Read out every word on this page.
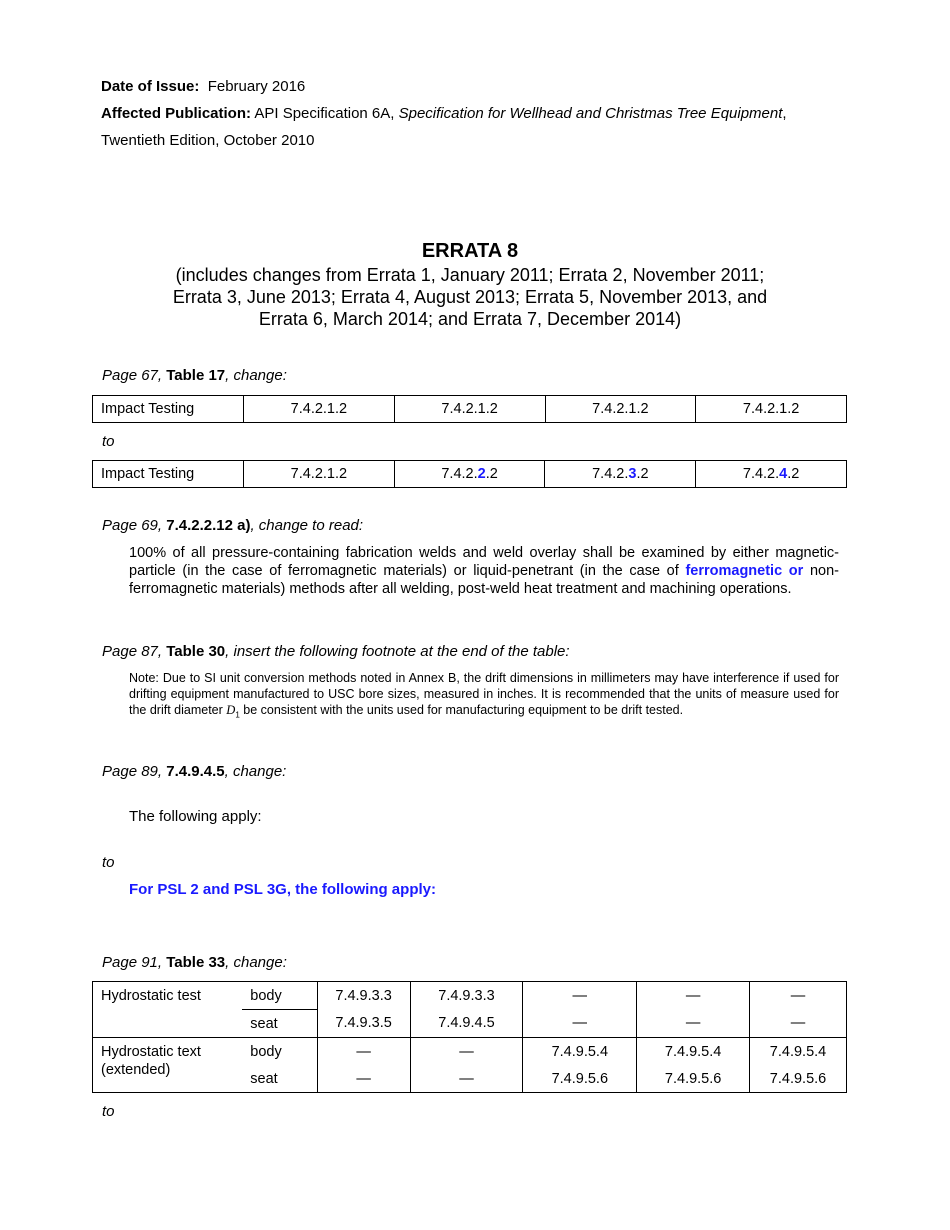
Date of Issue: February 2016
Affected Publication: API Specification 6A, Specification for Wellhead and Christmas Tree Equipment,
Twentieth Edition, October 2010
ERRATA 8
(includes changes from Errata 1, January 2011; Errata 2, November 2011;
Errata 3, June 2013; Errata 4, August 2013; Errata 5, November 2013, and
Errata 6, March 2014; and Errata 7, December 2014)
Page 67, Table 17, change:
Impact Testing	7.4.2.1.2	7.4.2.1.2	7.4.2.1.2	7.4.2.1.2
to
Impact Testing	7.4.2.1.2	7.4.2.2.2	7.4.2.3.2	7.4.2.4.2
Page 69, 7.4.2.2.12 a), change to read:
100% of all pressure-containing fabrication welds and weld overlay shall be examined by either magnetic-particle (in the case of ferromagnetic materials) or liquid-penetrant (in the case of ferromagnetic or non-ferromagnetic materials) methods after all welding, post-weld heat treatment and machining operations.
Page 87, Table 30, insert the following footnote at the end of the table:
Note: Due to SI unit conversion methods noted in Annex B, the drift dimensions in millimeters may have interference if used for drifting equipment manufactured to USC bore sizes, measured in inches. It is recommended that the units of measure used for the drift diameter $D_1$ be consistent with the units used for manufacturing equipment to be drift tested.
Page 89, 7.4.9.4.5, change:
The following apply:
to
For PSL 2 and PSL 3G, the following apply:
Page 91, Table 33, change:
Hydrostatic test	body	7.4.9.3.3	7.4.9.3.3	—	—	—
	seat	7.4.9.3.5	7.4.9.4.5	—	—	—
Hydrostatic text (extended)	body	—	—	7.4.9.5.4	7.4.9.5.4	7.4.9.5.4
	seat	—	—	7.4.9.5.6	7.4.9.5.6	7.4.9.5.6
to
